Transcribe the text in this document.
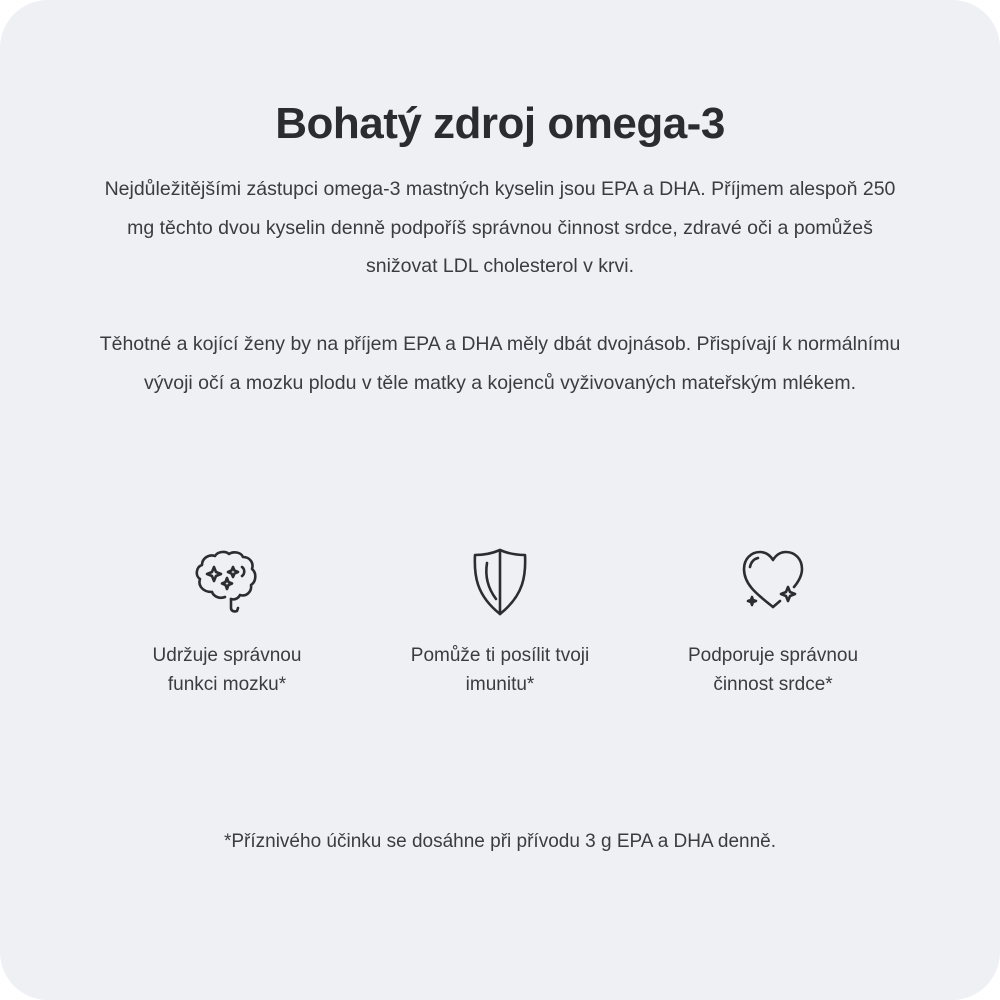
Bohatý zdroj omega-3

Nejdůležitějšími zástupci omega-3 mastných kyselin jsou EPA a DHA. Příjmem alespoň 250 mg těchto dvou kyselin denně podpoříš správnou činnost srdce, zdravé oči a pomůžeš snižovat LDL cholesterol v krvi.

Těhotné a kojící ženy by na příjem EPA a DHA měly dbát dvojnásob. Přispívají k normálnímu vývoji očí a mozku plodu v těle matky a kojenců vyživovaných mateřským mlékem.

Udržuje správnou funkci mozku*
Pomůže ti posílit tvoji imunitu*
Podporuje správnou činnost srdce*

*Příznivého účinku se dosáhne při přívodu 3 g EPA a DHA denně.
